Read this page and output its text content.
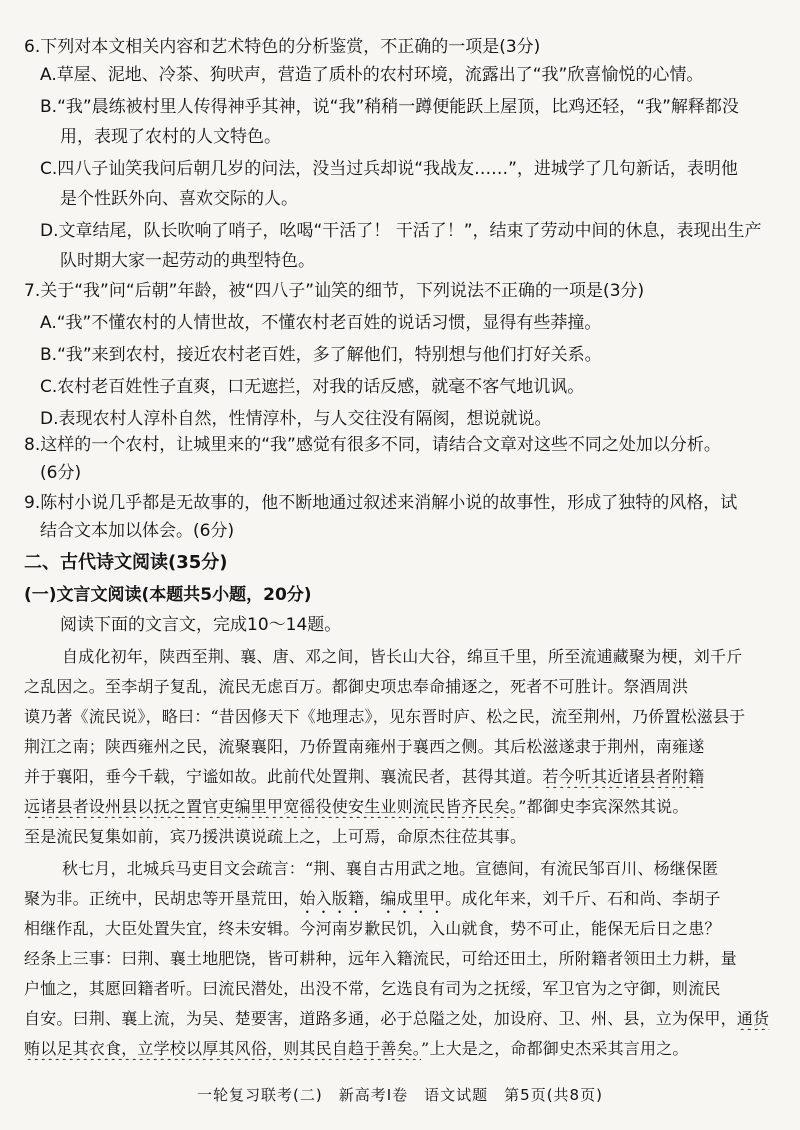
6.下列对本文相关内容和艺术特色的分析鉴赏，不正确的一项是(3分)
A.草屋、泥地、冷茶、狗吠声，营造了质朴的农村环境，流露出了“我”欣喜愉悦的心情。
B.“我”晨练被村里人传得神乎其神，说“我”稍稍一蹲便能跃上屋顶，比鸡还轻，“我”解释都没
用，表现了农村的人文特色。
C.四八子讪笑我问后朝几岁的问法，没当过兵却说“我战友……”，进城学了几句新话，表明他
是个性跃外向、喜欢交际的人。
D.文章结尾，队长吹响了哨子，吆喝“干活了！ 干活了！”，结束了劳动中间的休息，表现出生产
队时期大家一起劳动的典型特色。
7.关于“我”问“后朝”年龄，被“四八子”讪笑的细节，下列说法不正确的一项是(3分)
A.“我”不懂农村的人情世故，不懂农村老百姓的说话习惯，显得有些莽撞。
B.“我”来到农村，接近农村老百姓，多了解他们，特别想与他们打好关系。
C.农村老百姓性子直爽，口无遮拦，对我的话反感，就毫不客气地讥讽。
D.表现农村人淳朴自然，性情淳朴，与人交往没有隔阂，想说就说。
8.这样的一个农村，让城里来的“我”感觉有很多不同，请结合文章对这些不同之处加以分析。
(6分)
9.陈村小说几乎都是无故事的，他不断地通过叙述来消解小说的故事性，形成了独特的风格，试
结合文本加以体会。(6分)
二、古代诗文阅读(35分)
(一)文言文阅读(本题共5小题，20分)
阅读下面的文言文，完成10～14题。
自成化初年，陕西至荆、襄、唐、邓之间，皆长山大谷，绵亘千里，所至流逋藏聚为梗，刘千斤
之乱因之。至李胡子复乱，流民无虑百万。都御史项忠奉命捕逐之，死者不可胜计。祭酒周洪
谟乃著《流民说》，略曰：“昔因修天下《地理志》，见东晋时庐、松之民，流至荆州，乃侨置松滋县于
荆江之南；陕西雍州之民，流聚襄阳，乃侨置南雍州于襄西之侧。其后松滋遂隶于荆州，南雍遂
并于襄阳，垂今千载，宁谧如故。此前代处置荆、襄流民者，甚得其道。若今听其近诸县者附籍
远诸县者设州县以抚之置官吏编里甲宽徭役使安生业则流民皆齐民矣。”都御史李宾深然其说。
至是流民复集如前，宾乃援洪谟说疏上之，上可焉，命原杰往莅其事。
秋七月，北城兵马吏目文会疏言：“荆、襄自古用武之地。宣德间，有流民邹百川、杨继保匿
聚为非。正统中，民胡忠等开垦荒田，始入版籍，编成里甲。成化年来，刘千斤、石和尚、李胡子
相继作乱，大臣处置失宜，终未安辑。今河南岁歉民饥，入山就食，势不可止，能保无后日之患？
经条上三事：曰荆、襄土地肥饶，皆可耕种，远年入籍流民，可给还田土，所附籍者领田土力耕，量
户恤之，其愿回籍者听。曰流民潜处，出没不常，乞选良有司为之抚绥，军卫官为之守御，则流民
自安。曰荆、襄上流，为吴、楚要害，道路多通，必于总隘之处，加设府、卫、州、县，立为保甲，通货
贿以足其衣食，立学校以厚其风俗，则其民自趋于善矣。”上大是之，命都御史杰采其言用之。
一轮复习联考(二)　新高考Ⅰ卷　语文试题　第5页(共8页)
